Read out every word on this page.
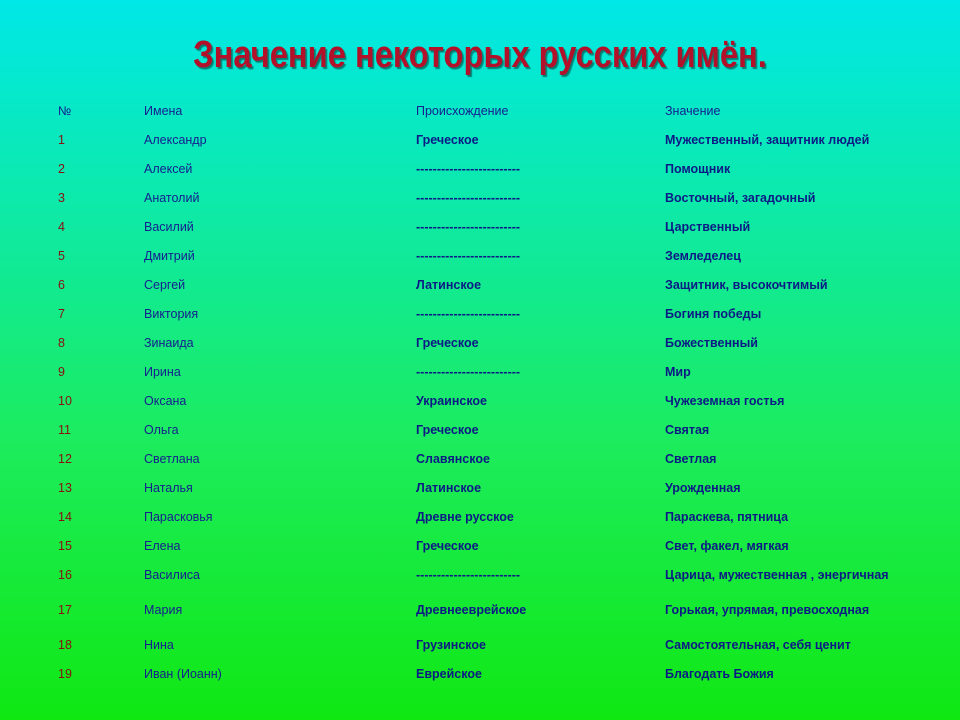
Значение некоторых русских имён.
№	Имена	Происхождение	Значение
1	Александр	Греческое	Мужественный, защитник людей
2	Алексей	-------------------------	Помощник
3	Анатолий	-------------------------	Восточный, загадочный
4	Василий	-------------------------	Царственный
5	Дмитрий	-------------------------	Земледелец
6	Сергей	Латинское	Защитник, высокочтимый
7	Виктория	-------------------------	Богиня победы
8	Зинаида	Греческое	Божественный
9	Ирина	-------------------------	Мир
10	Оксана	Украинское	Чужеземная гостья
11	Ольга	Греческое	Святая
12	Светлана	Славянское	Светлая
13	Наталья	Латинское	Урожденная
14	Парасковья	Древне русское	Параскева, пятница
15	Елена	Греческое	Свет, факел, мягкая
16	Василиса	-------------------------	Царица, мужественная , энергичная
17	Мария	Древнееврейское	Горькая, упрямая, превосходная
18	Нина	Грузинское	Самостоятельная, себя ценит
19	Иван (Иоанн)	Еврейское	Благодать Божия
